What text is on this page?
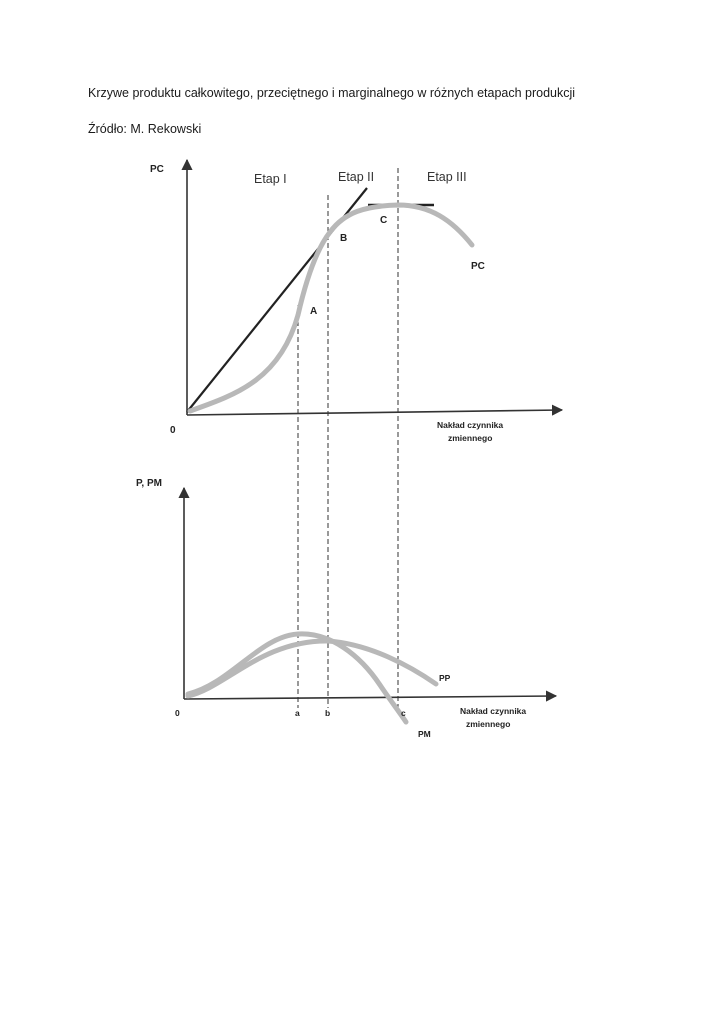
Krzywe produktu całkowitego, przeciętnego i marginalnego w różnych etapach produkcji
Źródło: M. Rekowski
PC
0	Nakład czynnika
zmiennego
Etap I	Etap II	Etap III
A
B
C
PC
P, PM
0	a	b	c	Nakład czynnika
zmiennego
PP
PM
